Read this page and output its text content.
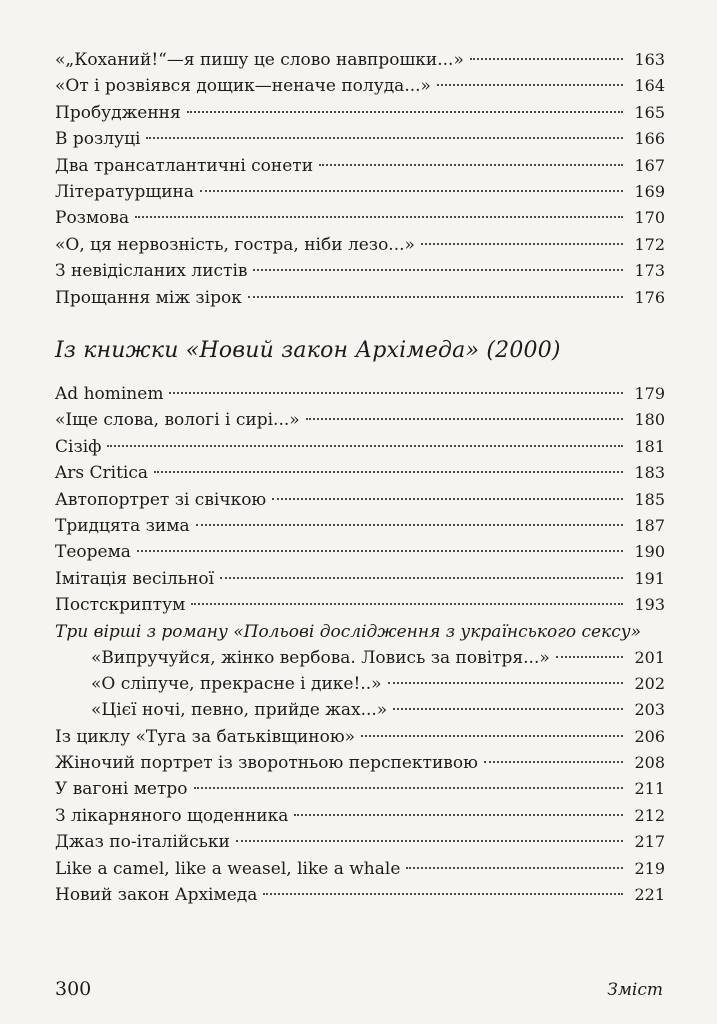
«„Коханий!“—я пишу це слово навпрошки...»	163
«От і розвіявся дощик—неначе полуда...»	164
Пробудження	165
В розлуці	166
Два трансатлантичні сонети	167
Літературщина	169
Розмова	170
«О, ця нервозність, гостра, ніби лезо...»	172
З невідісланих листів	173
Прощання між зірок	176
Із книжки «Новий закон Архімеда» (2000)
Ad hominem	179
«Іще слова, вологі і сирі...»	180
Сізіф	181
Ars Critica	183
Автопортрет зі свічкою	185
Тридцята зима	187
Теорема	190
Імітація весільної	191
Постскриптум	193
Три вірші з роману «Польові дослідження з українського сексу»
«Випручуйся, жінко вербова. Ловись за повітря...»	201
«О сліпуче, прекрасне і дике!..»	202
«Цієї ночі, певно, прийде жах...»	203
Із циклу «Туга за батьківщиною»	206
Жіночий портрет із зворотньою перспективою	208
У вагоні метро	211
З лікарняного щоденника	212
Джаз по-італійськи	217
Like a camel, like a weasel, like a whale	219
Новий закон Архімеда	221
300	Зміст
